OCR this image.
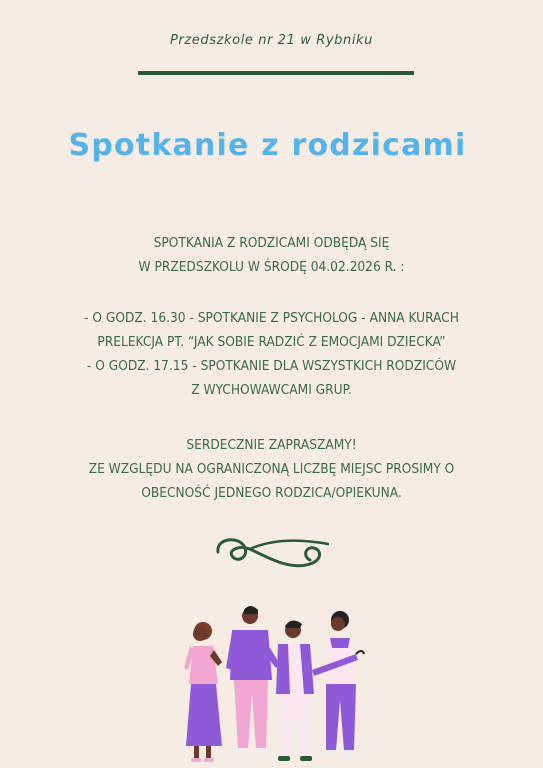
Przedszkole nr 21 w Rybniku
Spotkanie z rodzicami
SPOTKANIA Z RODZICAMI ODBĘDĄ SIĘ
W PRZEDSZKOLU W ŚRODĘ 04.02.2026 R. :
- O GODZ. 16.30 - SPOTKANIE Z PSYCHOLOG - ANNA KURACH
PRELEKCJA PT. “JAK SOBIE RADZIĆ Z EMOCJAMI DZIECKA”
- O GODZ. 17.15 - SPOTKANIE DLA WSZYSTKICH RODZICÓW
Z WYCHOWAWCAMI GRUP.
SERDECZNIE ZAPRASZAMY!
ZE WZGLĘDU NA OGRANICZONĄ LICZBĘ MIEJSC PROSIMY O
OBECNOŚĆ JEDNEGO RODZICA/OPIEKUNA.
